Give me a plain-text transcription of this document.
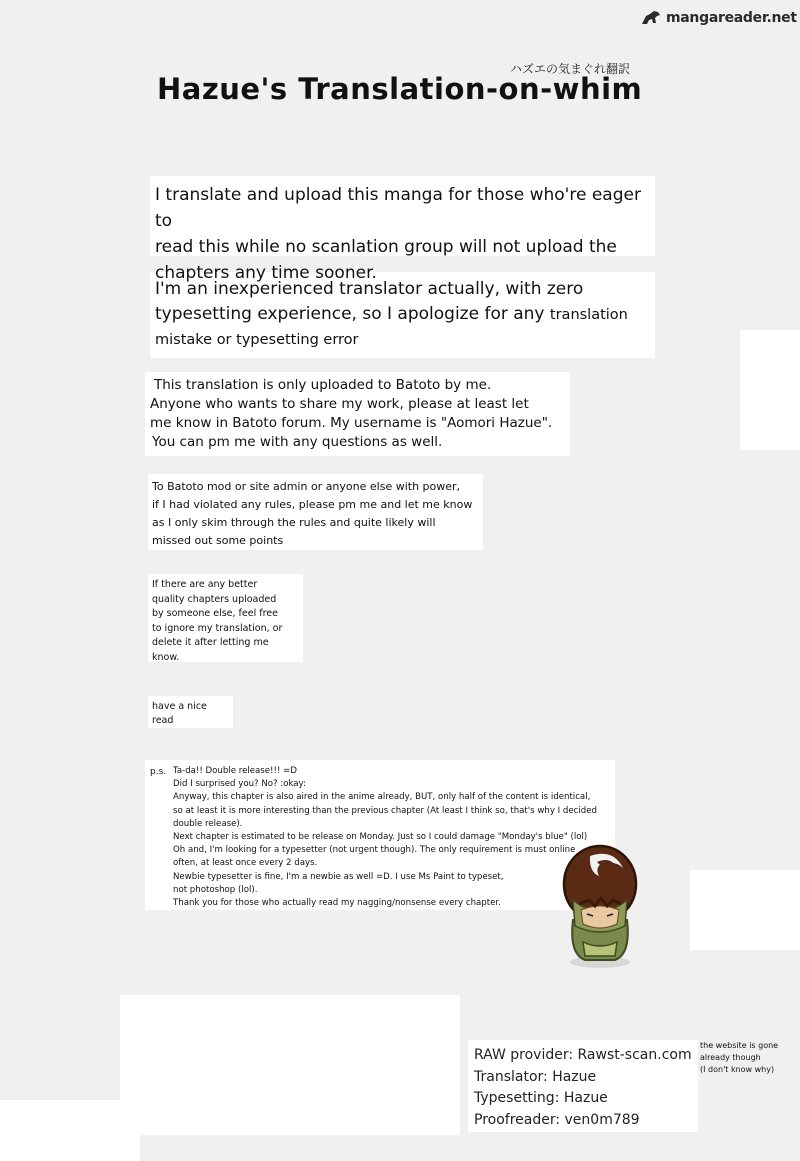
mangareader.net
ハズエの気まぐれ翻訳
Hazue's Translation-on-whim
I translate and upload this manga for those who're eager to
read this while no scanlation group will not upload the
chapters any time sooner.
I'm an inexperienced translator actually, with zero
typesetting experience, so I apologize for any translation
mistake or typesetting error
This translation is only uploaded to Batoto by me.
Anyone who wants to share my work, please at least let
me know in Batoto forum. My username is "Aomori Hazue".
You can pm me with any questions as well.
To Batoto mod or site admin or anyone else with power,
if I had violated any rules, please pm me and let me know
as I only skim through the rules and quite likely will
missed out some points
If there are any better
quality chapters uploaded
by someone else, feel free
to ignore my translation, or
delete it after letting me
know.
have a nice
read
p.s. Ta-da!! Double release!!! =D
Did I surprised you? No? :okay:
Anyway, this chapter is also aired in the anime already, BUT, only half of the content is identical,
so at least it is more interesting than the previous chapter (At least I think so, that's why I decided
double release).
Next chapter is estimated to be release on Monday. Just so I could damage "Monday's blue" (lol)
Oh and, I'm looking for a typesetter (not urgent though). The only requirement is must online
often, at least once every 2 days.
Newbie typesetter is fine, I'm a newbie as well =D. I use Ms Paint to typeset,
not photoshop (lol).
Thank you for those who actually read my nagging/nonsense every chapter.
RAW provider: Rawst-scan.com
Translator: Hazue
Typesetting: Hazue
Proofreader: ven0m789
the website is gone
already though
(I don't know why)
